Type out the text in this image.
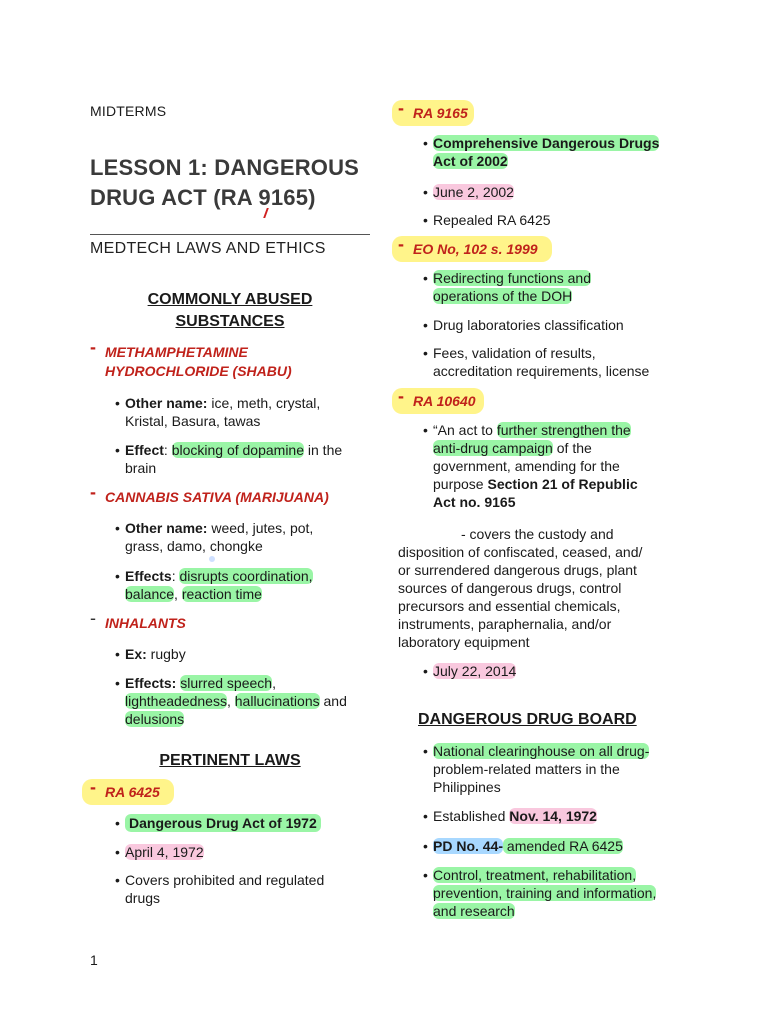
MIDTERMS
LESSON 1: DANGEROUS
DRUG ACT (RA 9165)
MEDTECH LAWS AND ETHICS
COMMONLY ABUSED
SUBSTANCES
- METHAMPHETAMINE
HYDROCHLORIDE (SHABU)
• Other name: ice, meth, crystal,
Kristal, Basura, tawas
• Effect: blocking of dopamine in the
brain
- CANNABIS SATIVA (MARIJUANA)
• Other name: weed, jutes, pot,
grass, damo, chongke
• Effects: disrupts coordination,
balance, reaction time
- INHALANTS
• Ex: rugby
• Effects: slurred speech,
lightheadedness, hallucinations and
delusions
PERTINENT LAWS
- RA 6425
• Dangerous Drug Act of 1972
• April 4, 1972
• Covers prohibited and regulated
drugs
- RA 9165
• Comprehensive Dangerous Drugs
Act of 2002
• June 2, 2002
• Repealed RA 6425
- EO No, 102 s. 1999
• Redirecting functions and
operations of the DOH
• Drug laboratories classification
• Fees, validation of results,
accreditation requirements, license
- RA 10640
• “An act to further strengthen the
anti-drug campaign of the
government, amending for the
purpose Section 21 of Republic
Act no. 9165
- covers the custody and
disposition of confiscated, ceased, and/
or surrendered dangerous drugs, plant
sources of dangerous drugs, control
precursors and essential chemicals,
instruments, paraphernalia, and/or
laboratory equipment
• July 22, 2014
DANGEROUS DRUG BOARD
• National clearinghouse on all drug-
problem-related matters in the
Philippines
• Established Nov. 14, 1972
• PD No. 44- amended RA 6425
• Control, treatment, rehabilitation,
prevention, training and information,
and research
1
